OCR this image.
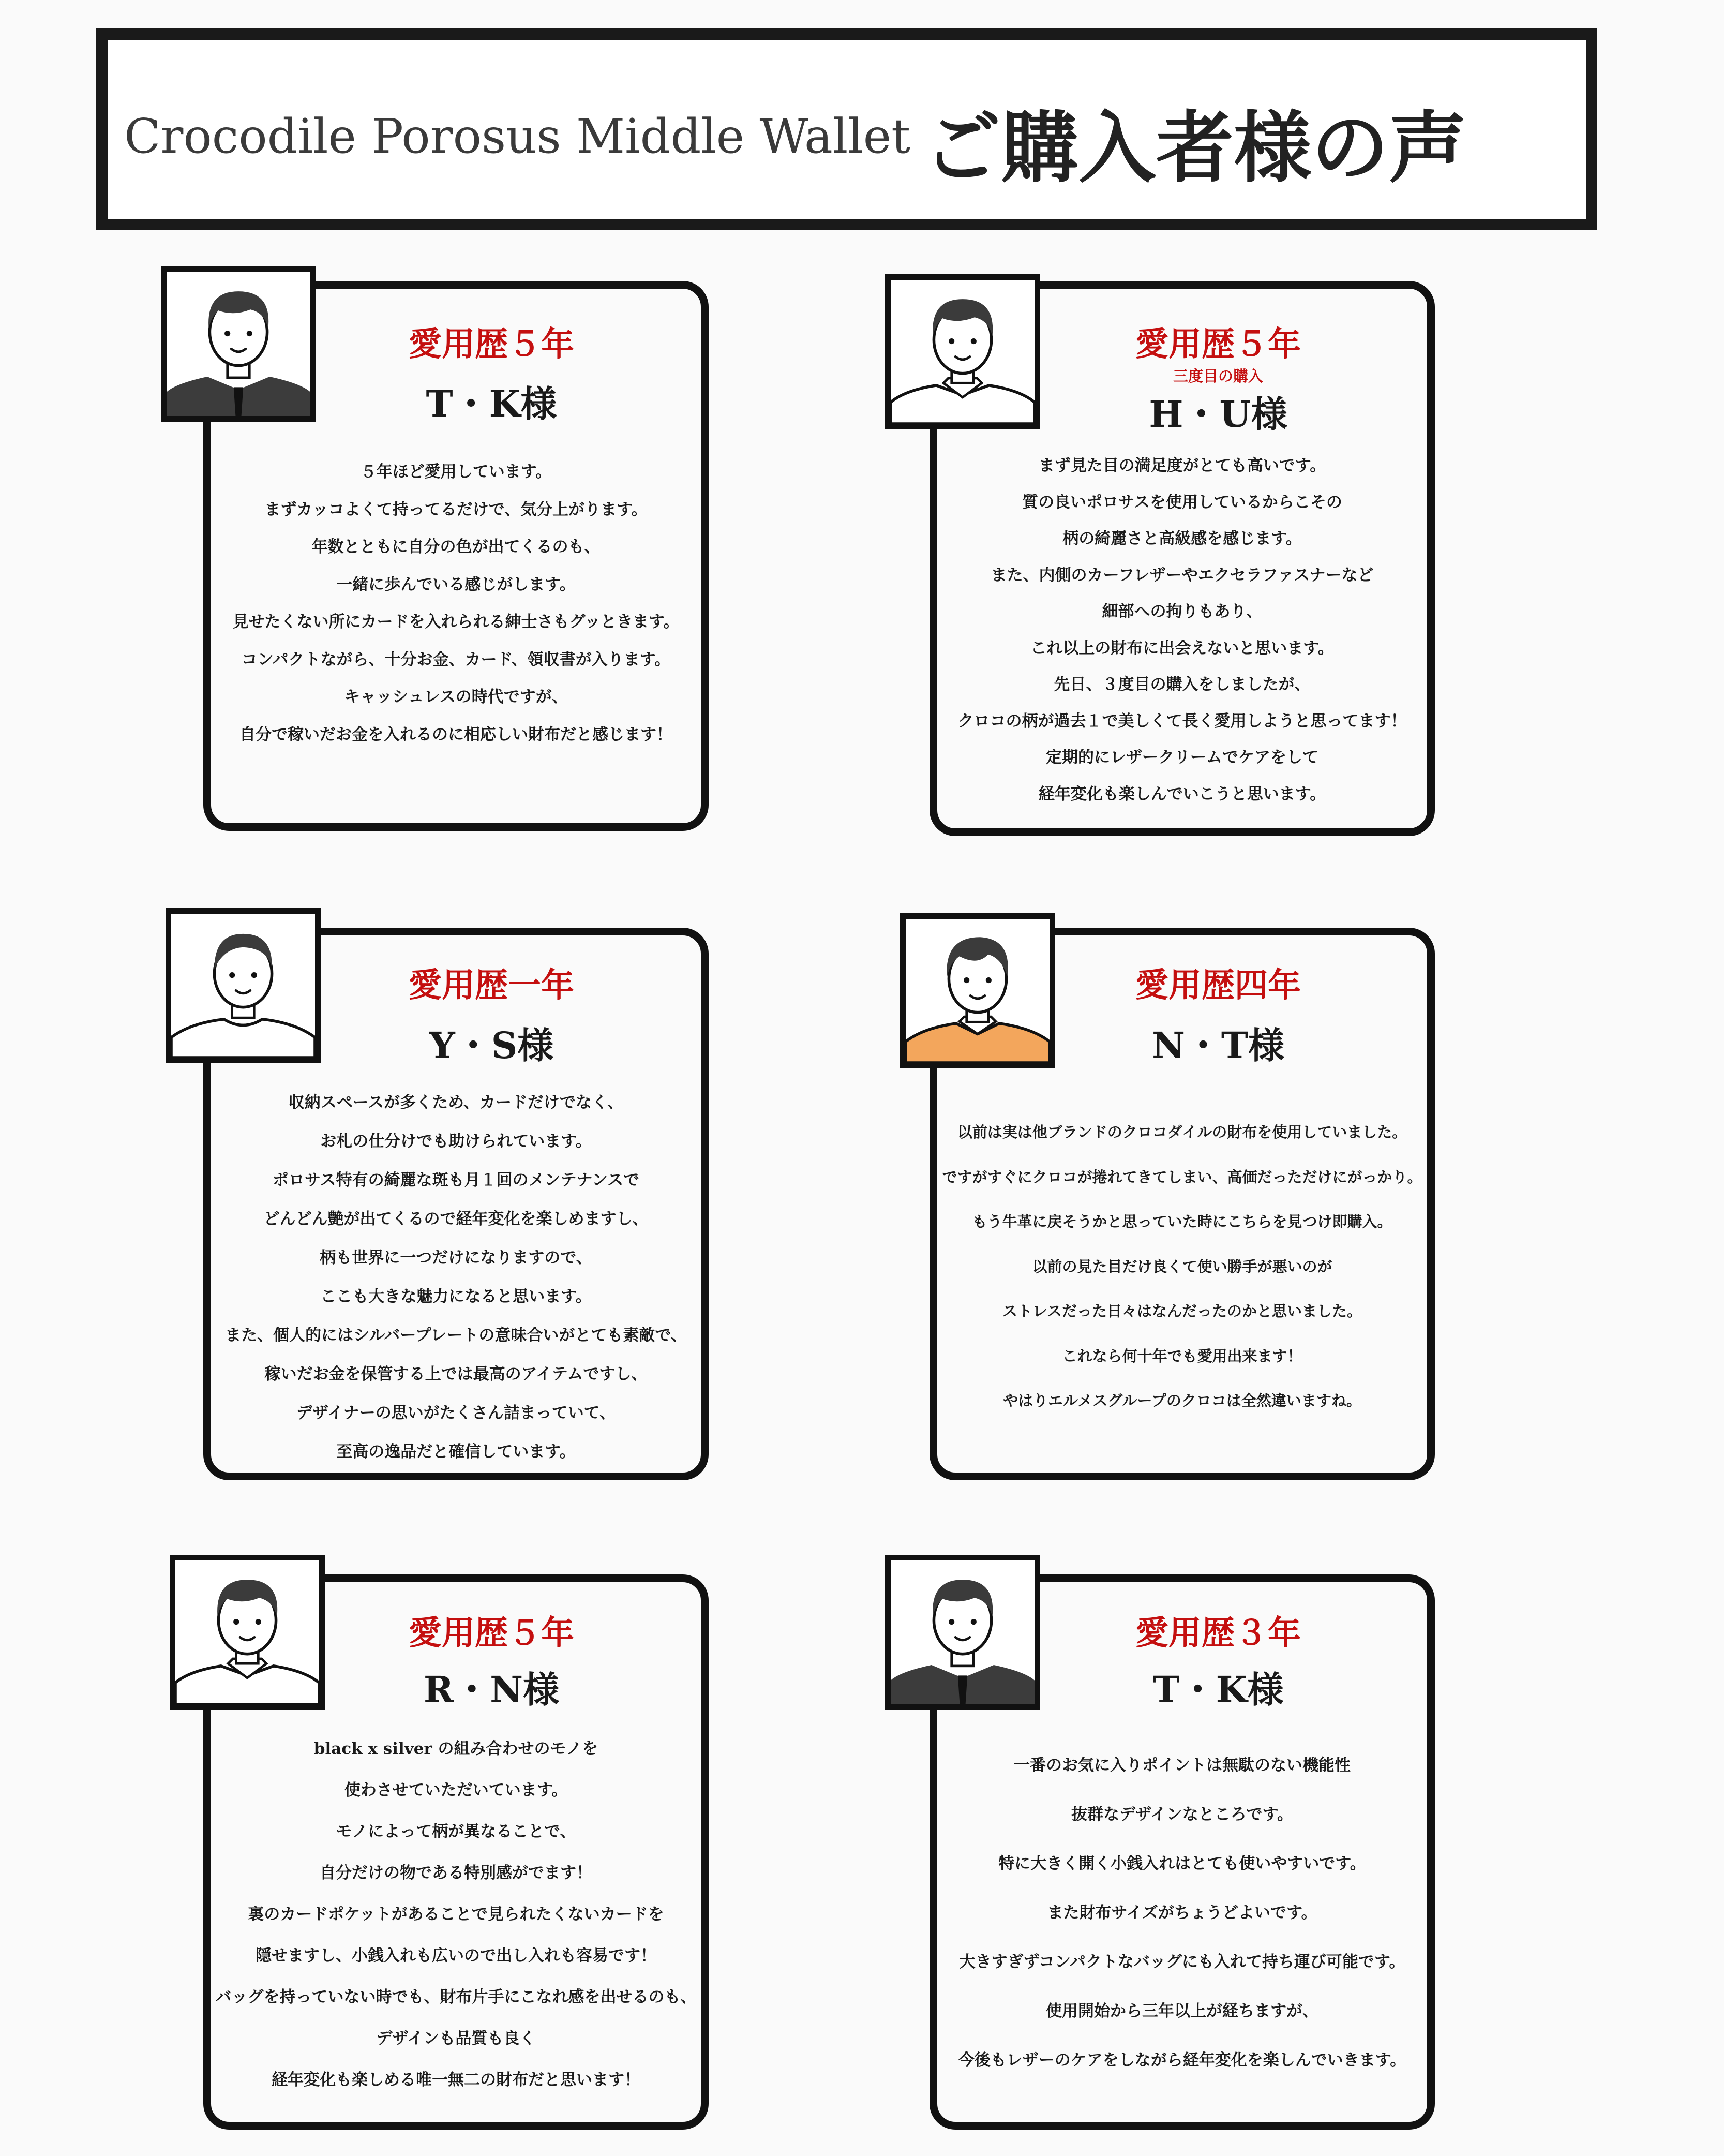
Crocodile Porosus Middle Wallet ご購入者様の声
愛用歴５年
T・K様
５年ほど愛用しています。
まずカッコよくて持ってるだけで、気分上がります。
年数とともに自分の色が出てくるのも、
一緒に歩んでいる感じがします。
見せたくない所にカードを入れられる紳士さもグッときます。
コンパクトながら、十分お金、カード、領収書が入ります。
キャッシュレスの時代ですが、
自分で稼いだお金を入れるのに相応しい財布だと感じます！
愛用歴５年
三度目の購入
H・U様
まず見た目の満足度がとても高いです。
質の良いポロサスを使用しているからこその
柄の綺麗さと高級感を感じます。
また、内側のカーフレザーやエクセラファスナーなど
細部への拘りもあり、
これ以上の財布に出会えないと思います。
先日、３度目の購入をしましたが、
クロコの柄が過去１で美しくて長く愛用しようと思ってます！
定期的にレザークリームでケアをして
経年変化も楽しんでいこうと思います。
愛用歴一年
Y・S様
収納スペースが多くため、カードだけでなく、
お札の仕分けでも助けられています。
ポロサス特有の綺麗な斑も月１回のメンテナンスで
どんどん艶が出てくるので経年変化を楽しめますし、
柄も世界に一つだけになりますので、
ここも大きな魅力になると思います。
また、個人的にはシルバープレートの意味合いがとても素敵で、
稼いだお金を保管する上では最高のアイテムですし、
デザイナーの思いがたくさん詰まっていて、
至高の逸品だと確信しています。
愛用歴四年
N・T様
以前は実は他ブランドのクロコダイルの財布を使用していました。
ですがすぐにクロコが捲れてきてしまい、高価だっただけにがっかり。
もう牛革に戻そうかと思っていた時にこちらを見つけ即購入。
以前の見た目だけ良くて使い勝手が悪いのが
ストレスだった日々はなんだったのかと思いました。
これなら何十年でも愛用出来ます！
やはりエルメスグループのクロコは全然違いますね。
愛用歴５年
R・N様
black x silver の組み合わせのモノを
使わさせていただいています。
モノによって柄が異なることで、
自分だけの物である特別感がでます！
裏のカードポケットがあることで見られたくないカードを
隠せますし、小銭入れも広いので出し入れも容易です！
バッグを持っていない時でも、財布片手にこなれ感を出せるのも、
デザインも品質も良く
経年変化も楽しめる唯一無二の財布だと思います！
愛用歴３年
T・K様
一番のお気に入りポイントは無駄のない機能性
抜群なデザインなところです。
特に大きく開く小銭入れはとても使いやすいです。
また財布サイズがちょうどよいです。
大きすぎずコンパクトなバッグにも入れて持ち運び可能です。
使用開始から三年以上が経ちますが、
今後もレザーのケアをしながら経年変化を楽しんでいきます。
